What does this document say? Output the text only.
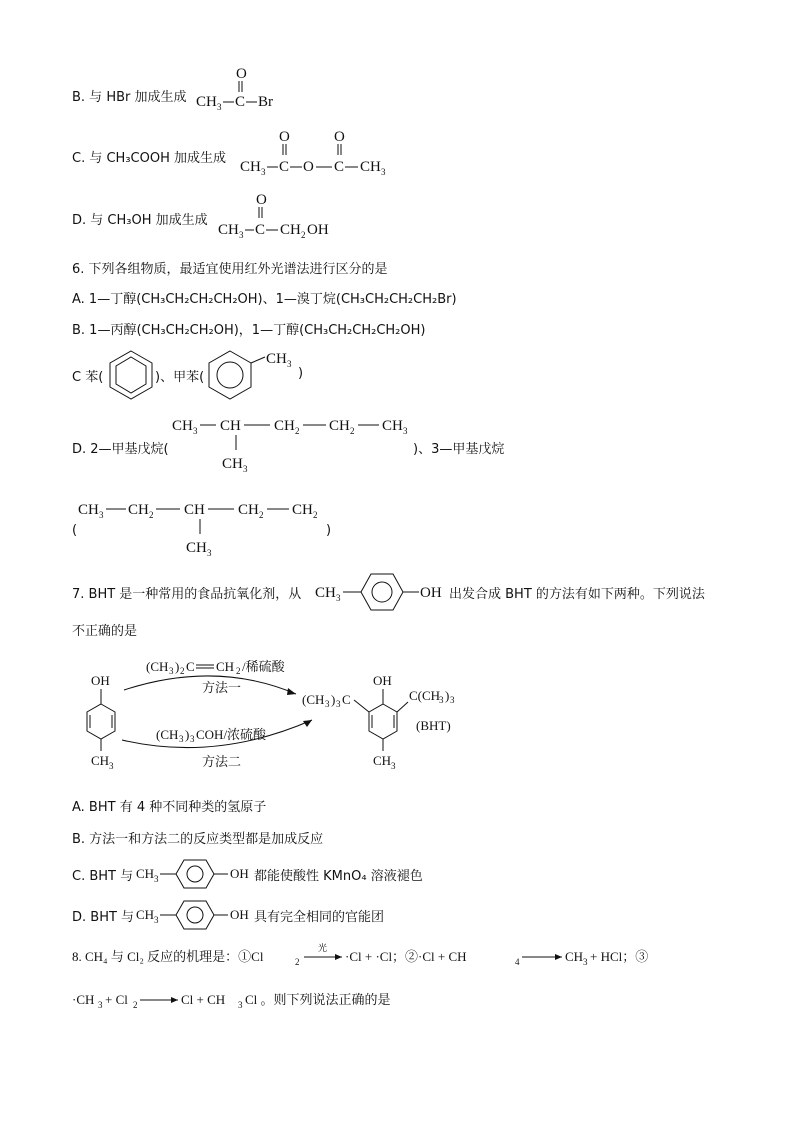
B. 与 HBr 加成生成
O
CH 3 C Br
C. 与 CH₃COOH 加成生成
O	O
CH 3 C O C CH 3
D. 与 CH₃OH 加成生成
O
CH 3 C CH 2 OH
6. 下列各组物质，最适宜使用红外光谱法进行区分的是
A. 1—丁醇(CH₃CH₂CH₂CH₂OH)、1—溴丁烷(CH₃CH₂CH₂CH₂Br)
B. 1—丙醇(CH₃CH₂CH₂OH)，1—丁醇(CH₃CH₂CH₂CH₂OH)
C 苯(	)、甲苯(
CH 3
)
D. 2—甲基戊烷(
CH 3 CH
CH 3
CH 2 CH 2 CH 3
)、3—甲基戊烷
(
CH 3 CH 2 CH
CH 3
CH 2 CH 2
)
7. BHT 是一种常用的食品抗氧化剂，从 CH 3	OH 出发合成 BHT 的方法有如下两种。下列说法
不正确的是
OH
CH 3
(CH 3 ) 2 C CH 2 /稀硫酸
方法一
(CH 3 ) 3 COH/浓硫酸
方法二
(CH 3 ) 3 C
OH
C(CH
3 ) 3
(BHT)
CH 3
A. BHT 有 4 种不同种类的氢原子
B. 方法一和方法二的反应类型都是加成反应
C. BHT 与 CH 3	OH 都能使酸性 KMnO₄ 溶液褪色
D. BHT 与 CH 3	OH 具有完全相同的官能团
8. CH₄ 与 Cl₂ 反应的机理是：①Cl	2
光
·Cl + ·Cl；②·Cl + CH	4	CH 3 + HCl；③
·CH 3 + Cl 2	Cl + CH 3 Cl 。则下列说法正确的是
